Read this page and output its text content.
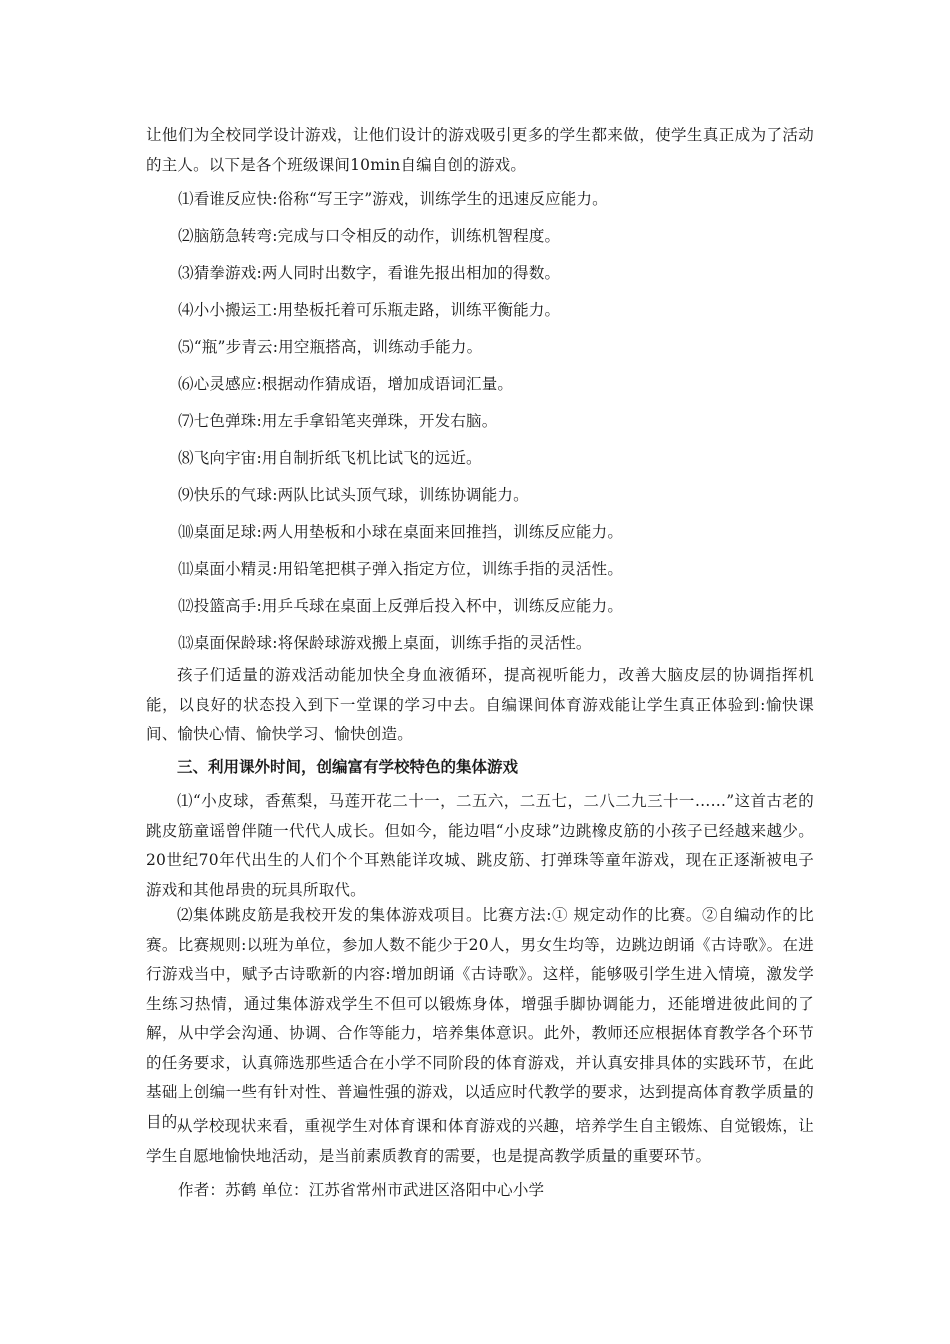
让他们为全校同学设计游戏，让他们设计的游戏吸引更多的学生都来做，使学生真正成为了活动的主人。以下是各个班级课间10min自编自创的游戏。

⑴看谁反应快:俗称“写王字”游戏，训练学生的迅速反应能力。

⑵脑筋急转弯:完成与口令相反的动作，训练机智程度。

⑶猜拳游戏:两人同时出数字，看谁先报出相加的得数。

⑷小小搬运工:用垫板托着可乐瓶走路，训练平衡能力。

⑸“瓶”步青云:用空瓶搭高，训练动手能力。

⑹心灵感应:根据动作猜成语，增加成语词汇量。

⑺七色弹珠:用左手拿铅笔夹弹珠，开发右脑。

⑻飞向宇宙:用自制折纸飞机比试飞的远近。

⑼快乐的气球:两队比试头顶气球，训练协调能力。

⑽桌面足球:两人用垫板和小球在桌面来回推挡，训练反应能力。

⑾桌面小精灵:用铅笔把棋子弹入指定方位，训练手指的灵活性。

⑿投篮高手:用乒乓球在桌面上反弹后投入杯中，训练反应能力。

⒀桌面保龄球:将保龄球游戏搬上桌面，训练手指的灵活性。

孩子们适量的游戏活动能加快全身血液循环，提高视听能力，改善大脑皮层的协调指挥机能，以良好的状态投入到下一堂课的学习中去。自编课间体育游戏能让学生真正体验到:愉快课间、愉快心情、愉快学习、愉快创造。

三、利用课外时间，创编富有学校特色的集体游戏

⑴“小皮球，香蕉梨，马莲开花二十一，二五六，二五七，二八二九三十一……”这首古老的跳皮筋童谣曾伴随一代代人成长。但如今，能边唱“小皮球”边跳橡皮筋的小孩子已经越来越少。20世纪70年代出生的人们个个耳熟能详攻城、跳皮筋、打弹珠等童年游戏，现在正逐渐被电子游戏和其他昂贵的玩具所取代。

⑵集体跳皮筋是我校开发的集体游戏项目。比赛方法:① 规定动作的比赛。②自编动作的比赛。比赛规则:以班为单位，参加人数不能少于20人，男女生均等，边跳边朗诵《古诗歌》。在进行游戏当中，赋予古诗歌新的内容:增加朗诵《古诗歌》。这样，能够吸引学生进入情境，激发学生练习热情，通过集体游戏学生不但可以锻炼身体，增强手脚协调能力，还能增进彼此间的了解，从中学会沟通、协调、合作等能力，培养集体意识。此外，教师还应根据体育教学各个环节的任务要求，认真筛选那些适合在小学不同阶段的体育游戏，并认真安排具体的实践环节，在此基础上创编一些有针对性、普遍性强的游戏，以适应时代教学的要求，达到提高体育教学质量的目的。

从学校现状来看，重视学生对体育课和体育游戏的兴趣，培养学生自主锻炼、自觉锻炼，让学生自愿地愉快地活动，是当前素质教育的需要，也是提高教学质量的重要环节。

作者：苏鹤 单位：江苏省常州市武进区洛阳中心小学
